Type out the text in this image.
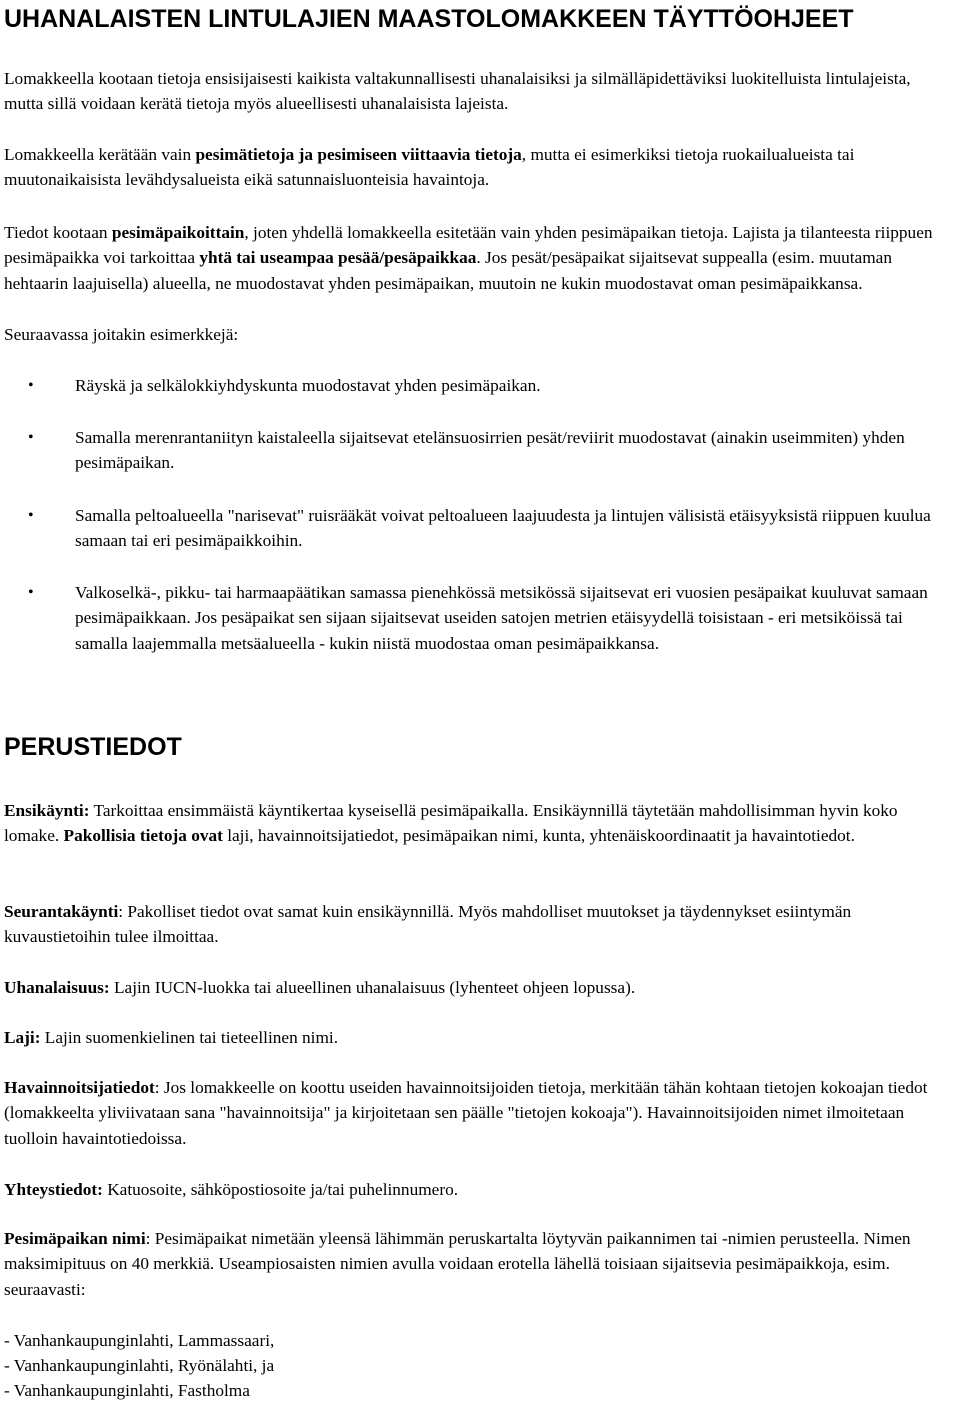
UHANALAISTEN LINTULAJIEN MAASTOLOMAKKEEN TÄYTTÖOHJEET

Lomakkeella kootaan tietoja ensisijaisesti kaikista valtakunnallisesti uhanalaisiksi ja silmälläpidettäviksi luokitelluista lintulajeista, mutta sillä voidaan kerätä tietoja myös alueellisesti uhanalaisista lajeista.

Lomakkeella kerätään vain pesimätietoja ja pesimiseen viittaavia tietoja, mutta ei esimerkiksi tietoja ruokailualueista tai muutonaikaisista levähdysalueista eikä satunnaisluonteisia havaintoja.

Tiedot kootaan pesimäpaikoittain, joten yhdellä lomakkeella esitetään vain yhden pesimäpaikan tietoja. Lajista ja tilanteesta riippuen pesimäpaikka voi tarkoittaa yhtä tai useampaa pesää/pesäpaikkaa. Jos pesät/pesäpaikat sijaitsevat suppealla (esim. muutaman hehtaarin laajuisella) alueella, ne muodostavat yhden pesimäpaikan, muutoin ne kukin muodostavat oman pesimäpaikkansa.

Seuraavassa joitakin esimerkkejä:

• Räyskä ja selkälokkiyhdyskunta muodostavat yhden pesimäpaikan.
• Samalla merenrantaniityn kaistaleella sijaitsevat etelänsuosirrien pesät/reviirit muodostavat (ainakin useimmiten) yhden pesimäpaikan.
• Samalla peltoalueella "narisevat" ruisrääkät voivat peltoalueen laajuudesta ja lintujen välisistä etäisyyksistä riippuen kuulua samaan tai eri pesimäpaikkoihin.
• Valkoselkä-, pikku- tai harmaapäätikan samassa pienehkössä metsikössä sijaitsevat eri vuosien pesäpaikat kuuluvat samaan pesimäpaikkaan. Jos pesäpaikat sen sijaan sijaitsevat useiden satojen metrien etäisyydellä toisistaan - eri metsiköissä tai samalla laajemmalla metsäalueella - kukin niistä muodostaa oman pesimäpaikkansa.
PERUSTIEDOT

Ensikäynti: Tarkoittaa ensimmäistä käyntikertaa kyseisellä pesimäpaikalla. Ensikäynnillä täytetään mahdollisimman hyvin koko lomake. Pakollisia tietoja ovat laji, havainnoitsijatiedot, pesimäpaikan nimi, kunta, yhtenäiskoordinaatit ja havaintotiedot.

Seurantakäynti: Pakolliset tiedot ovat samat kuin ensikäynnillä. Myös mahdolliset muutokset ja täydennykset esiintymän kuvaustietoihin tulee ilmoittaa.

Uhanalaisuus: Lajin IUCN-luokka tai alueellinen uhanalaisuus (lyhenteet ohjeen lopussa).

Laji: Lajin suomenkielinen tai tieteellinen nimi.

Havainnoitsijatiedot: Jos lomakkeelle on koottu useiden havainnoitsijoiden tietoja, merkitään tähän kohtaan tietojen kokoajan tiedot (lomakkeelta yliviivataan sana "havainnoitsija" ja kirjoitetaan sen päälle "tietojen kokoaja"). Havainnoitsijoiden nimet ilmoitetaan tuolloin havaintotiedoissa.

Yhteystiedot: Katuosoite, sähköpostiosoite ja/tai puhelinnumero.

Pesimäpaikan nimi: Pesimäpaikat nimetään yleensä lähimmän peruskartalta löytyvän paikannimen tai -nimien perusteella. Nimen maksimipituus on 40 merkkiä. Useampiosaisten nimien avulla voidaan erotella lähellä toisiaan sijaitsevia pesimäpaikkoja, esim. seuraavasti:

- Vanhankaupunginlahti, Lammassaari,

- Vanhankaupunginlahti, Ryönälahti, ja

- Vanhankaupunginlahti, Fastholma
